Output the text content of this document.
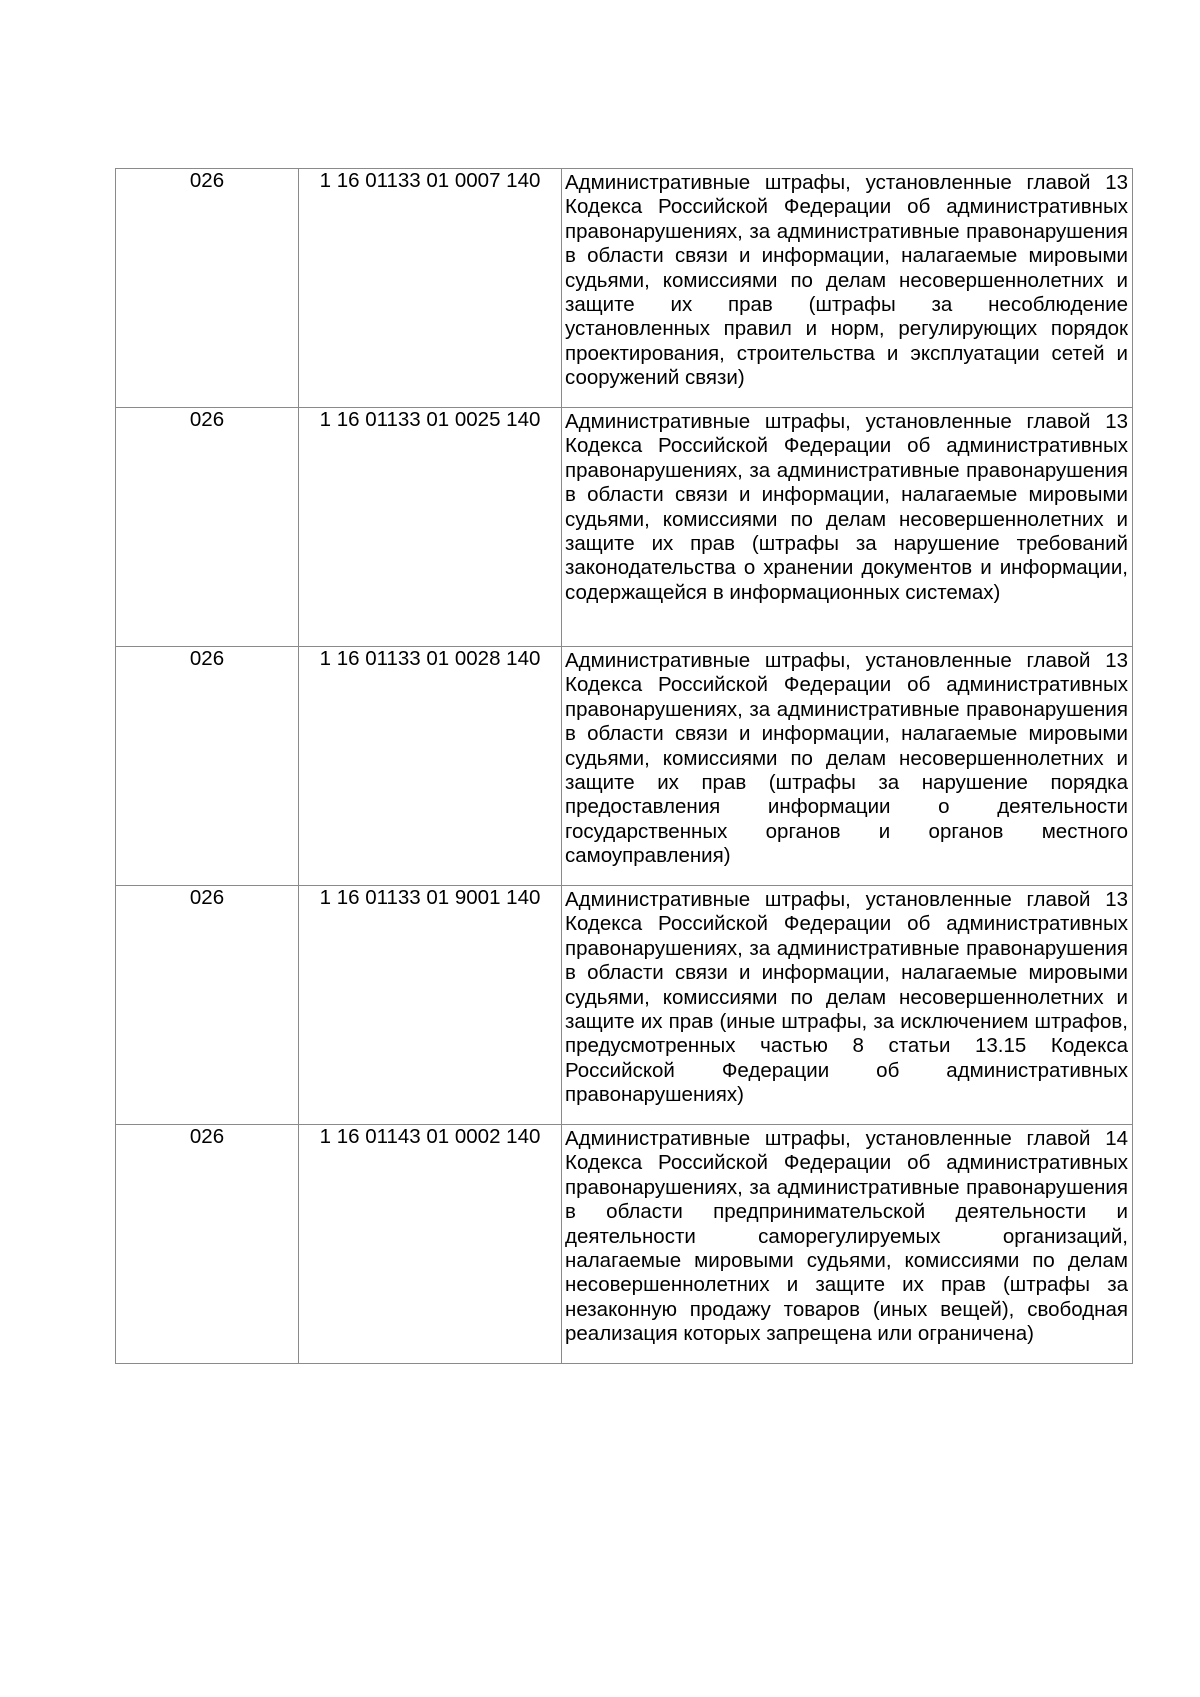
026	1 16 01133 01 0007 140	Административные штрафы, установленные главой 13 Кодекса Российской Федерации об административных правонарушениях, за административные правонарушения в области связи и информации, налагаемые мировыми судьями, комиссиями по делам несовершеннолетних и защите их прав (штрафы за несоблюдение установленных правил и норм, регулирующих порядок проектирования, строительства и эксплуатации сетей и сооружений связи)

026	1 16 01133 01 0025 140	Административные штрафы, установленные главой 13 Кодекса Российской Федерации об административных правонарушениях, за административные правонарушения в области связи и информации, налагаемые мировыми судьями, комиссиями по делам несовершеннолетних и защите их прав (штрафы за нарушение требований законодательства о хранении документов и информации, содержащейся в информационных системах)

026	1 16 01133 01 0028 140	Административные штрафы, установленные главой 13 Кодекса Российской Федерации об административных правонарушениях, за административные правонарушения в области связи и информации, налагаемые мировыми судьями, комиссиями по делам несовершеннолетних и защите их прав (штрафы за нарушение порядка предоставления информации о деятельности государственных органов и органов местного самоуправления)

026	1 16 01133 01 9001 140	Административные штрафы, установленные главой 13 Кодекса Российской Федерации об административных правонарушениях, за административные правонарушения в области связи и информации, налагаемые мировыми судьями, комиссиями по делам несовершеннолетних и защите их прав (иные штрафы, за исключением штрафов, предусмотренных частью 8 статьи 13.15 Кодекса Российской Федерации об административных правонарушениях)

026	1 16 01143 01 0002 140	Административные штрафы, установленные главой 14 Кодекса Российской Федерации об административных правонарушениях, за административные правонарушения в области предпринимательской деятельности и деятельности саморегулируемых организаций, налагаемые мировыми судьями, комиссиями по делам несовершеннолетних и защите их прав (штрафы за незаконную продажу товаров (иных вещей), свободная реализация которых запрещена или ограничена)
